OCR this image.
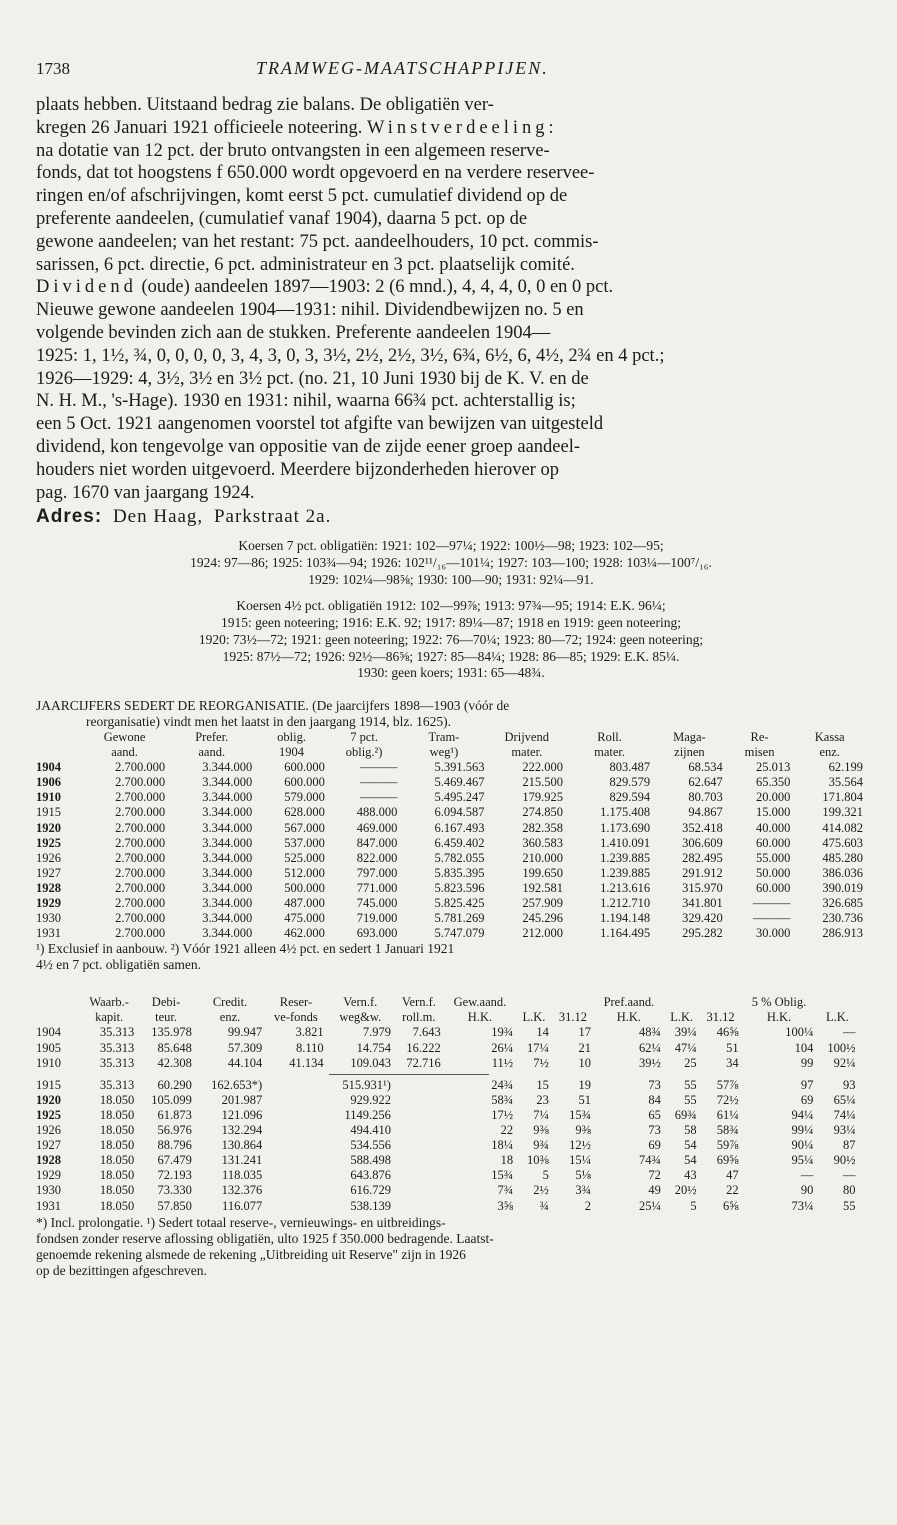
1738	TRAMWEG-MAATSCHAPPIJEN.
plaats hebben. Uitstaand bedrag zie balans. De obligatiën ver-
kregen 26 Januari 1921 officieele noteering. Winstverdeeling:
na dotatie van 12 pct. der bruto ontvangsten in een algemeen reserve-
fonds, dat tot hoogstens f 650.000 wordt opgevoerd en na verdere reservee-
ringen en/of afschrijvingen, komt eerst 5 pct. cumulatief dividend op de
preferente aandeelen, (cumulatief vanaf 1904), daarna 5 pct. op de
gewone aandeelen; van het restant: 75 pct. aandeelhouders, 10 pct. commis-
sarissen, 6 pct. directie, 6 pct. administrateur en 3 pct. plaatselijk comité.
Dividend (oude) aandeelen 1897—1903: 2 (6 mnd.), 4, 4, 4, 0, 0 en 0 pct.
Nieuwe gewone aandeelen 1904—1931: nihil. Dividendbewijzen no. 5 en
volgende bevinden zich aan de stukken. Preferente aandeelen 1904—
1925: 1, 1½, ¾, 0, 0, 0, 0, 3, 4, 3, 0, 3, 3½, 2½, 2½, 3½, 6¾, 6½, 6, 4½, 2¾ en 4 pct.;
1926—1929: 4, 3½, 3½ en 3½ pct. (no. 21, 10 Juni 1930 bij de K. V. en de
N. H. M., 's-Hage). 1930 en 1931: nihil, waarna 66¾ pct. achterstallig is;
een 5 Oct. 1921 aangenomen voorstel tot afgifte van bewijzen van uitgesteld
dividend, kon tengevolge van oppositie van de zijde eener groep aandeel-
houders niet worden uitgevoerd. Meerdere bijzonderheden hierover op
pag. 1670 van jaargang 1924.
Adres: Den Haag, Parkstraat 2a.
Koersen 7 pct. obligatiën: 1921: 102—97¼; 1922: 100½—98; 1923: 102—95;
1924: 97—86; 1925: 103¾—94; 1926: 102¹¹/₁₆—101¼; 1927: 103—100; 1928: 103¼—100⁷/₁₆.
1929: 102¼—98⅝; 1930: 100—90; 1931: 92¼—91.
Koersen 4½ pct. obligatiën 1912: 102—99⅞; 1913: 97¾—95; 1914: E.K. 96¼;
1915: geen noteering; 1916: E.K. 92; 1917: 89¼—87; 1918 en 1919: geen noteering;
1920: 73½—72; 1921: geen noteering; 1922: 76—70¼; 1923: 80—72; 1924: geen noteering;
1925: 87½—72; 1926: 92½—86⅝; 1927: 85—84¼; 1928: 86—85; 1929: E.K. 85¼.
1930: geen koers; 1931: 65—48¾.
JAARCIJFERS SEDERT DE REORGANISATIE. (De jaarcijfers 1898—1903 (vóór de
reorganisatie) vindt men het laatst in den jaargang 1914, blz. 1625).
	Gewone	Prefer.	oblig.	7 pct.	Tram-	Drijvend	Roll.	Maga-	Re-	Kassa
	aand.	aand.	1904	oblig.²)	weg¹)	mater.	mater.	zijnen	misen	enz.
1904	2.700.000	3.344.000	600.000	———	5.391.563	222.000	803.487	68.534	25.013	62.199
1906	2.700.000	3.344.000	600.000	———	5.469.467	215.500	829.579	62.647	65.350	35.564
1910	2.700.000	3.344.000	579.000	———	5.495.247	179.925	829.594	80.703	20.000	171.804
1915	2.700.000	3.344.000	628.000	488.000	6.094.587	274.850	1.175.408	94.867	15.000	199.321
1920	2.700.000	3.344.000	567.000	469.000	6.167.493	282.358	1.173.690	352.418	40.000	414.082
1925	2.700.000	3.344.000	537.000	847.000	6.459.402	360.583	1.410.091	306.609	60.000	475.603
1926	2.700.000	3.344.000	525.000	822.000	5.782.055	210.000	1.239.885	282.495	55.000	485.280
1927	2.700.000	3.344.000	512.000	797.000	5.835.395	199.650	1.239.885	291.912	50.000	386.036
1928	2.700.000	3.344.000	500.000	771.000	5.823.596	192.581	1.213.616	315.970	60.000	390.019
1929	2.700.000	3.344.000	487.000	745.000	5.825.425	257.909	1.212.710	341.801	———	326.685
1930	2.700.000	3.344.000	475.000	719.000	5.781.269	245.296	1.194.148	329.420	———	230.736
1931	2.700.000	3.344.000	462.000	693.000	5.747.079	212.000	1.164.495	295.282	30.000	286.913
¹) Exclusief in aanbouw. ²) Vóór 1921 alleen 4½ pct. en sedert 1 Januari 1921
4½ en 7 pct. obligatiën samen.
	Waarb.-	Debi-	Credit.	Reser-	Vern.f.	Vern.f.	Gew.aand.			Pref.aand.			5 % Oblig.		
	kapit.	teur.	enz.	ve-fonds	weg&w.	roll.m.	H.K.	L.K.	31.12	H.K.	L.K.	31.12	H.K.	L.K.	
1904	35.313	135.978	99.947	3.821	7.979	7.643	19¾	14	17	48¾	39¼	46⅝	100¼	—	
1905	35.313	85.648	57.309	8.110	14.754	16.222	26¼	17¼	21	62¼	47¼	51	104	100½	
1910	35.313	42.308	44.104	41.134	109.043	72.716	11½	7½	10	39½	25	34	99	92¼	

1915	35.313	60.290	162.653*)		515.931¹)		24¾	15	19	73	55	57⅞	97	93	
1920	18.050	105.099	201.987		929.922		58¾	23	51	84	55	72½	69	65¼	
1925	18.050	61.873	121.096		1149.256		17½	7¼	15¾	65	69¾	61¼	94¼	74¼	
1926	18.050	56.976	132.294		494.410		22	9⅜	9⅜	73	58	58¾	99¼	93¼	
1927	18.050	88.796	130.864		534.556		18¼	9¾	12½	69	54	59⅞	90¼	87	
1928	18.050	67.479	131.241		588.498		18	10⅜	15¼	74¾	54	69⅝	95¼	90½	
1929	18.050	72.193	118.035		643.876		15¾	5	5⅛	72	43	47	—	—	
1930	18.050	73.330	132.376		616.729		7¾	2½	3¾	49	20½	22	90	80	
1931	18.050	57.850	116.077		538.139		3⅝	¾	2	25¼	5	6⅝	73¼	55	
*) Incl. prolongatie. ¹) Sedert totaal reserve-, vernieuwings- en uitbreidings-
fondsen zonder reserve aflossing obligatiën, ulto 1925 f 350.000 bedragende. Laatst-
genoemde rekening alsmede de rekening „Uitbreiding uit Reserve" zijn in 1926
op de bezittingen afgeschreven.
